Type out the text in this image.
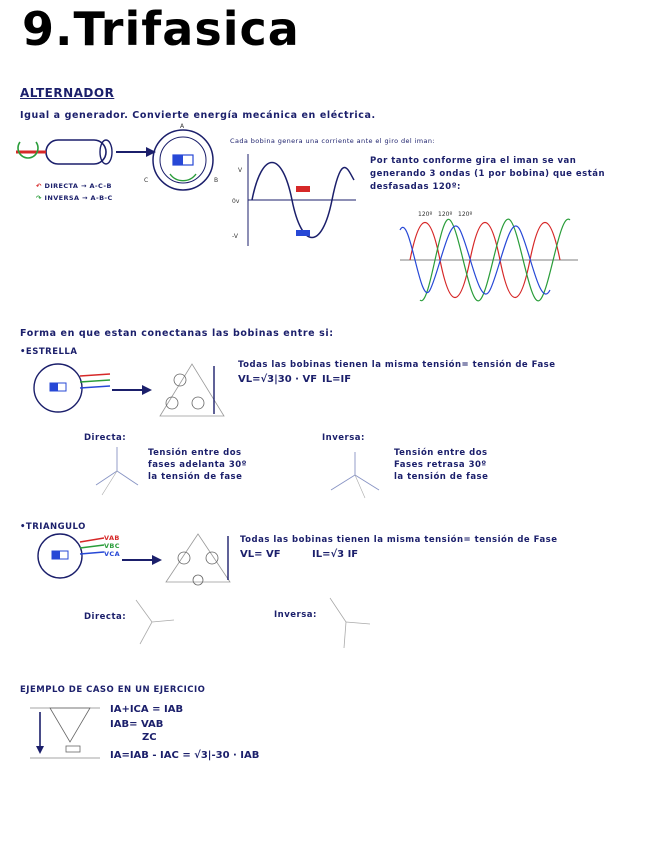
9.Trifasica
ALTERNADOR
Igual a generador. Convierte energía mecánica en eléctrica.
A
B
C
↶ DIRECTA → A-C-B
↷ INVERSA → A-B-C
Cada bobina genera una corriente ante el giro del iman:
V
0v
-V
Por tanto conforme gira el iman se van
generando 3 ondas (1 por bobina) que están
desfasadas 120º:
120º 120º 120º
Forma en que estan conectanas las bobinas entre si:
•ESTRELLA
Todas las bobinas tienen la misma tensión= tensión de Fase
VL=√3|30 · VF IL=IF
Directa:
Tensión entre dos
fases adelanta 30º
la tensión de fase
Inversa:
Tensión entre dos
Fases retrasa 30º
la tensión de fase
•TRIANGULO
VAB
VBC
VCA
Todas las bobinas tienen la misma tensión= tensión de Fase
VL= VF	IL=√3 IF
Directa:	Inversa:
EJEMPLO DE CASO EN UN EJERCICIO
IA+ICA = IAB
IAB= VAB
ZC
IA=IAB - IAC = √3|-30 · IAB
